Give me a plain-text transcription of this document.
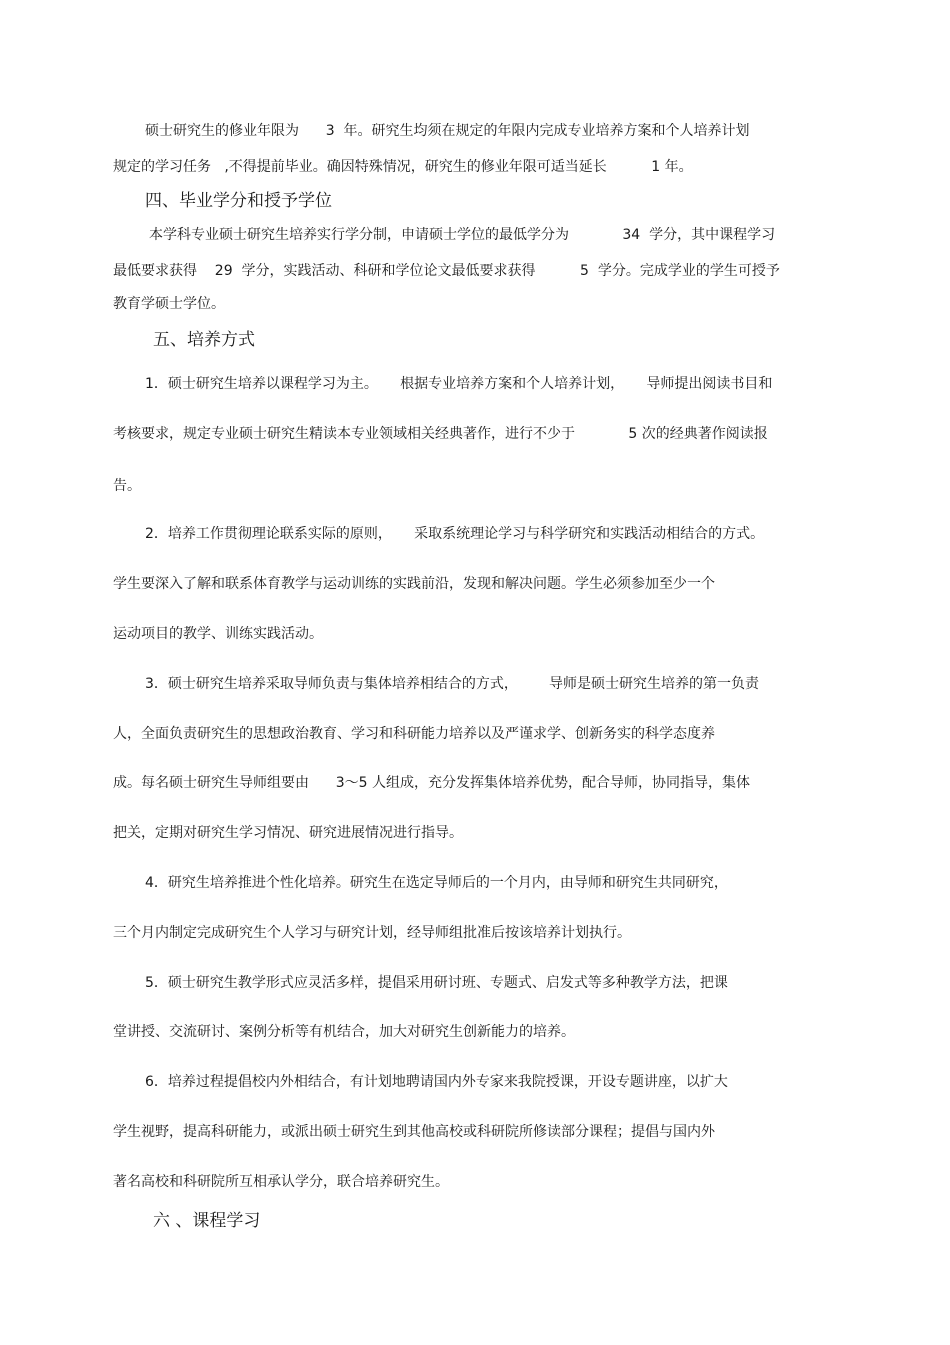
硕士研究生的修业年限为      3  年。研究生均须在规定的年限内完成专业培养方案和个人培养计划
规定的学习任务   ,不得提前毕业。确因特殊情况，研究生的修业年限可适当延长          1 年。
四、毕业学分和授予学位
本学科专业硕士研究生培养实行学分制，申请硕士学位的最低学分为            34  学分，其中课程学习
最低要求获得    29  学分，实践活动、科研和学位论文最低要求获得          5  学分。完成学业的学生可授予
教育学硕士学位。
五、培养方式
1．硕士研究生培养以课程学习为主。     根据专业培养方案和个人培养计划，     导师提出阅读书目和
考核要求，规定专业硕士研究生精读本专业领域相关经典著作，进行不少于            5 次的经典著作阅读报
告。
2．培养工作贯彻理论联系实际的原则，     采取系统理论学习与科学研究和实践活动相结合的方式。
学生要深入了解和联系体育教学与运动训练的实践前沿，发现和解决问题。学生必须参加至少一个
运动项目的教学、训练实践活动。
3．硕士研究生培养采取导师负责与集体培养相结合的方式，       导师是硕士研究生培养的第一负责
人，全面负责研究生的思想政治教育、学习和科研能力培养以及严谨求学、创新务实的科学态度养
成。每名硕士研究生导师组要由      3～5 人组成，充分发挥集体培养优势，配合导师，协同指导，集体
把关，定期对研究生学习情况、研究进展情况进行指导。
4．研究生培养推进个性化培养。研究生在选定导师后的一个月内，由导师和研究生共同研究，
三个月内制定完成研究生个人学习与研究计划，经导师组批准后按该培养计划执行。
5．硕士研究生教学形式应灵活多样，提倡采用研讨班、专题式、启发式等多种教学方法，把课
堂讲授、交流研讨、案例分析等有机结合，加大对研究生创新能力的培养。
6．培养过程提倡校内外相结合，有计划地聘请国内外专家来我院授课，开设专题讲座，以扩大
学生视野，提高科研能力，或派出硕士研究生到其他高校或科研院所修读部分课程；提倡与国内外
著名高校和科研院所互相承认学分，联合培养研究生。
六 、课程学习
